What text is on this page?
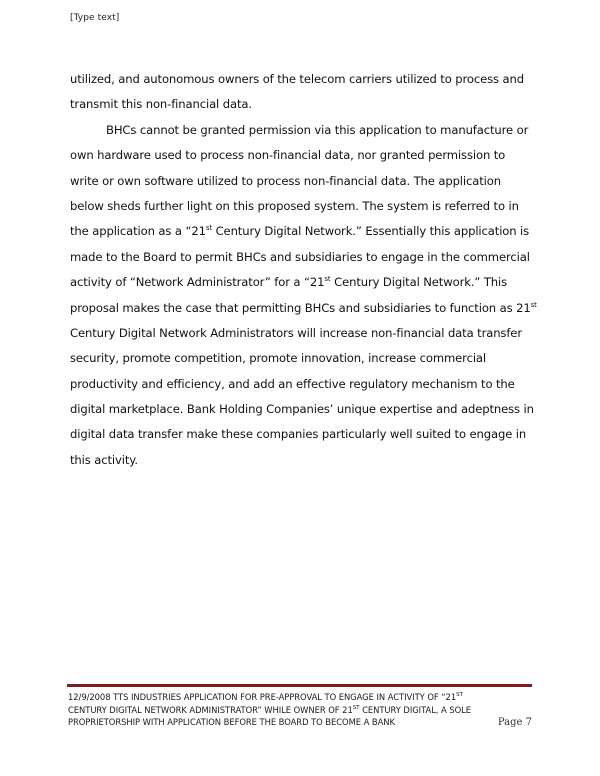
[Type text]
utilized, and autonomous owners of the telecom carriers utilized to process and
transmit this non-financial data.
BHCs cannot be granted permission via this application to manufacture or
own hardware used to process non-financial data, nor granted permission to
write or own software utilized to process non-financial data. The application
below sheds further light on this proposed system. The system is referred to in
the application as a “21st Century Digital Network.” Essentially this application is
made to the Board to permit BHCs and subsidiaries to engage in the commercial
activity of “Network Administrator” for a “21st Century Digital Network.” This
proposal makes the case that permitting BHCs and subsidiaries to function as 21st
Century Digital Network Administrators will increase non-financial data transfer
security, promote competition, promote innovation, increase commercial
productivity and efficiency, and add an effective regulatory mechanism to the
digital marketplace. Bank Holding Companies’ unique expertise and adeptness in
digital data transfer make these companies particularly well suited to engage in
this activity.
12/9/2008 TTS INDUSTRIES APPLICATION FOR PRE-APPROVAL TO ENGAGE IN ACTIVITY OF “21ST
CENTURY DIGITAL NETWORK ADMINISTRATOR” WHILE OWNER OF 21ST CENTURY DIGITAL, A SOLE
PROPRIETORSHIP WITH APPLICATION BEFORE THE BOARD TO BECOME A BANK	Page 7
